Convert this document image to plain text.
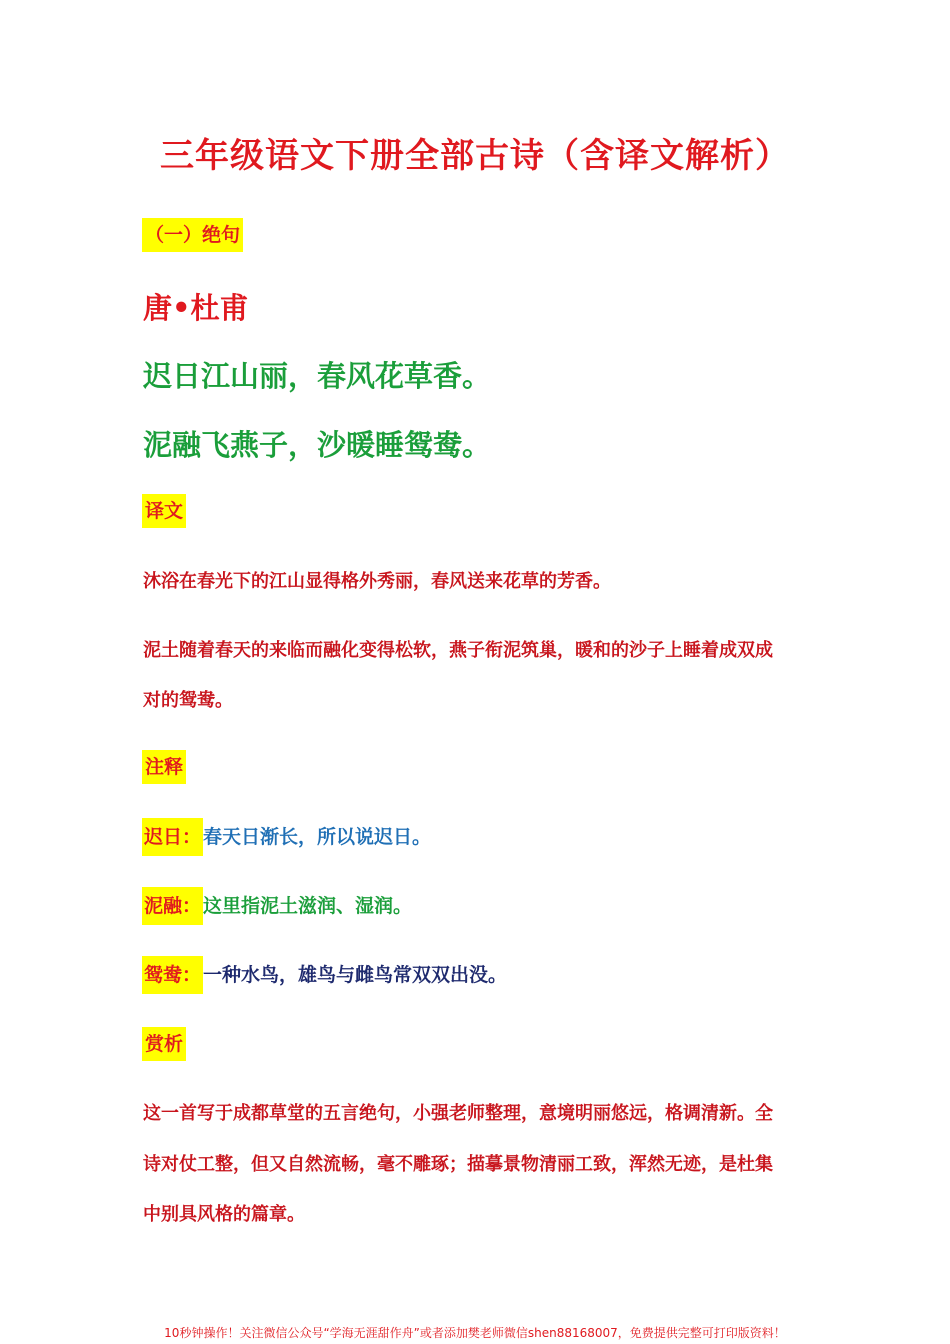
三年级语文下册全部古诗（含译文解析）
（一）绝句
唐•杜甫
迟日江山丽，春风花草香。
泥融飞燕子，沙暖睡鸳鸯。
译文
沐浴在春光下的江山显得格外秀丽，春风送来花草的芳香。
泥土随着春天的来临而融化变得松软，燕子衔泥筑巢，暖和的沙子上睡着成双成
对的鸳鸯。
注释
迟日： 春天日渐长，所以说迟日。
泥融： 这里指泥土滋润、湿润。
鸳鸯： 一种水鸟，雄鸟与雌鸟常双双出没。
赏析
这一首写于成都草堂的五言绝句，小强老师整理，意境明丽悠远，格调清新。全
诗对仗工整，但又自然流畅，毫不雕琢；描摹景物清丽工致，浑然无迹，是杜集
中别具风格的篇章。
10秒钟操作！关注微信公众号“学海无涯甜作舟”或者添加樊老师微信shen88168007，免费提供完整可打印版资料！
